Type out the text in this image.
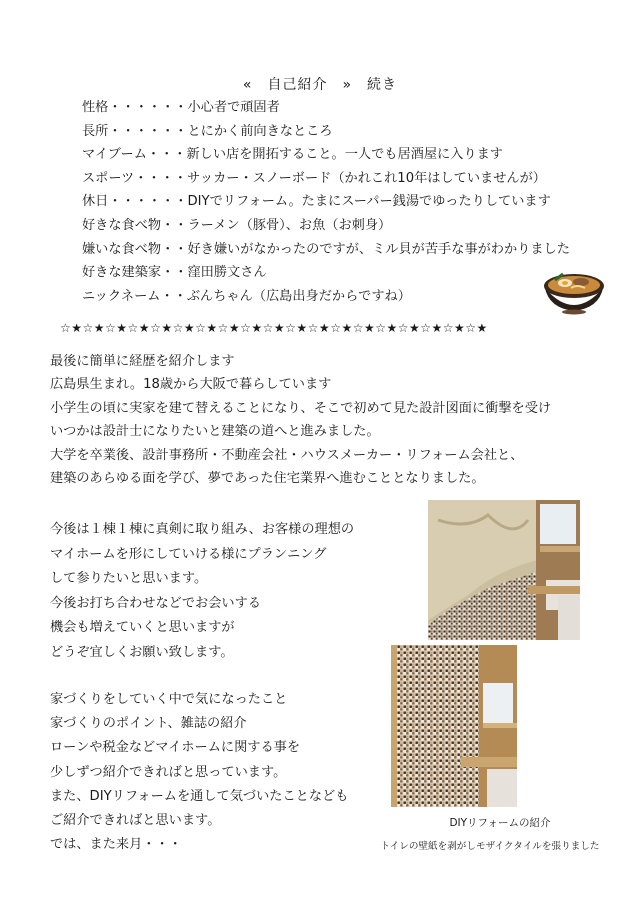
«　自己紹介　»　続き
性格・・・・・・小心者で頑固者
長所・・・・・・とにかく前向きなところ
マイブーム・・・新しい店を開拓すること。一人でも居酒屋に入ります
スポーツ・・・・サッカー・スノーボード（かれこれ10年はしていませんが）
休日・・・・・・DIYでリフォーム。たまにスーパー銭湯でゆったりしています
好きな食べ物・・ラーメン（豚骨）、お魚（お刺身）
嫌いな食べ物・・好き嫌いがなかったのですが、ミル貝が苦手な事がわかりました
好きな建築家・・窪田勝文さん
ニックネーム・・ぶんちゃん（広島出身だからですね）
☆★☆★☆★☆★☆★☆★☆★☆★☆★☆★☆★☆★☆★☆★☆★☆★☆★☆★☆★
最後に簡単に経歴を紹介します
広島県生まれ。18歳から大阪で暮らしています
小学生の頃に実家を建て替えることになり、そこで初めて見た設計図面に衝撃を受け
いつかは設計士になりたいと建築の道へと進みました。
大学を卒業後、設計事務所・不動産会社・ハウスメーカー・リフォーム会社と、
建築のあらゆる面を学び、夢であった住宅業界へ進むこととなりました。
今後は１棟１棟に真剣に取り組み、お客様の理想の
マイホームを形にしていける様にプランニング
して参りたいと思います。
今後お打ち合わせなどでお会いする
機会も増えていくと思いますが
どうぞ宜しくお願い致します。
家づくりをしていく中で気になったこと
家づくりのポイント、雑誌の紹介
ローンや税金などマイホームに関する事を
少しずつ紹介できればと思っています。
また、DIYリフォームを通して気づいたことなども
ご紹介できればと思います。
では、また来月・・・
DIYリフォームの紹介
トイレの壁紙を剥がしモザイクタイルを張りました
